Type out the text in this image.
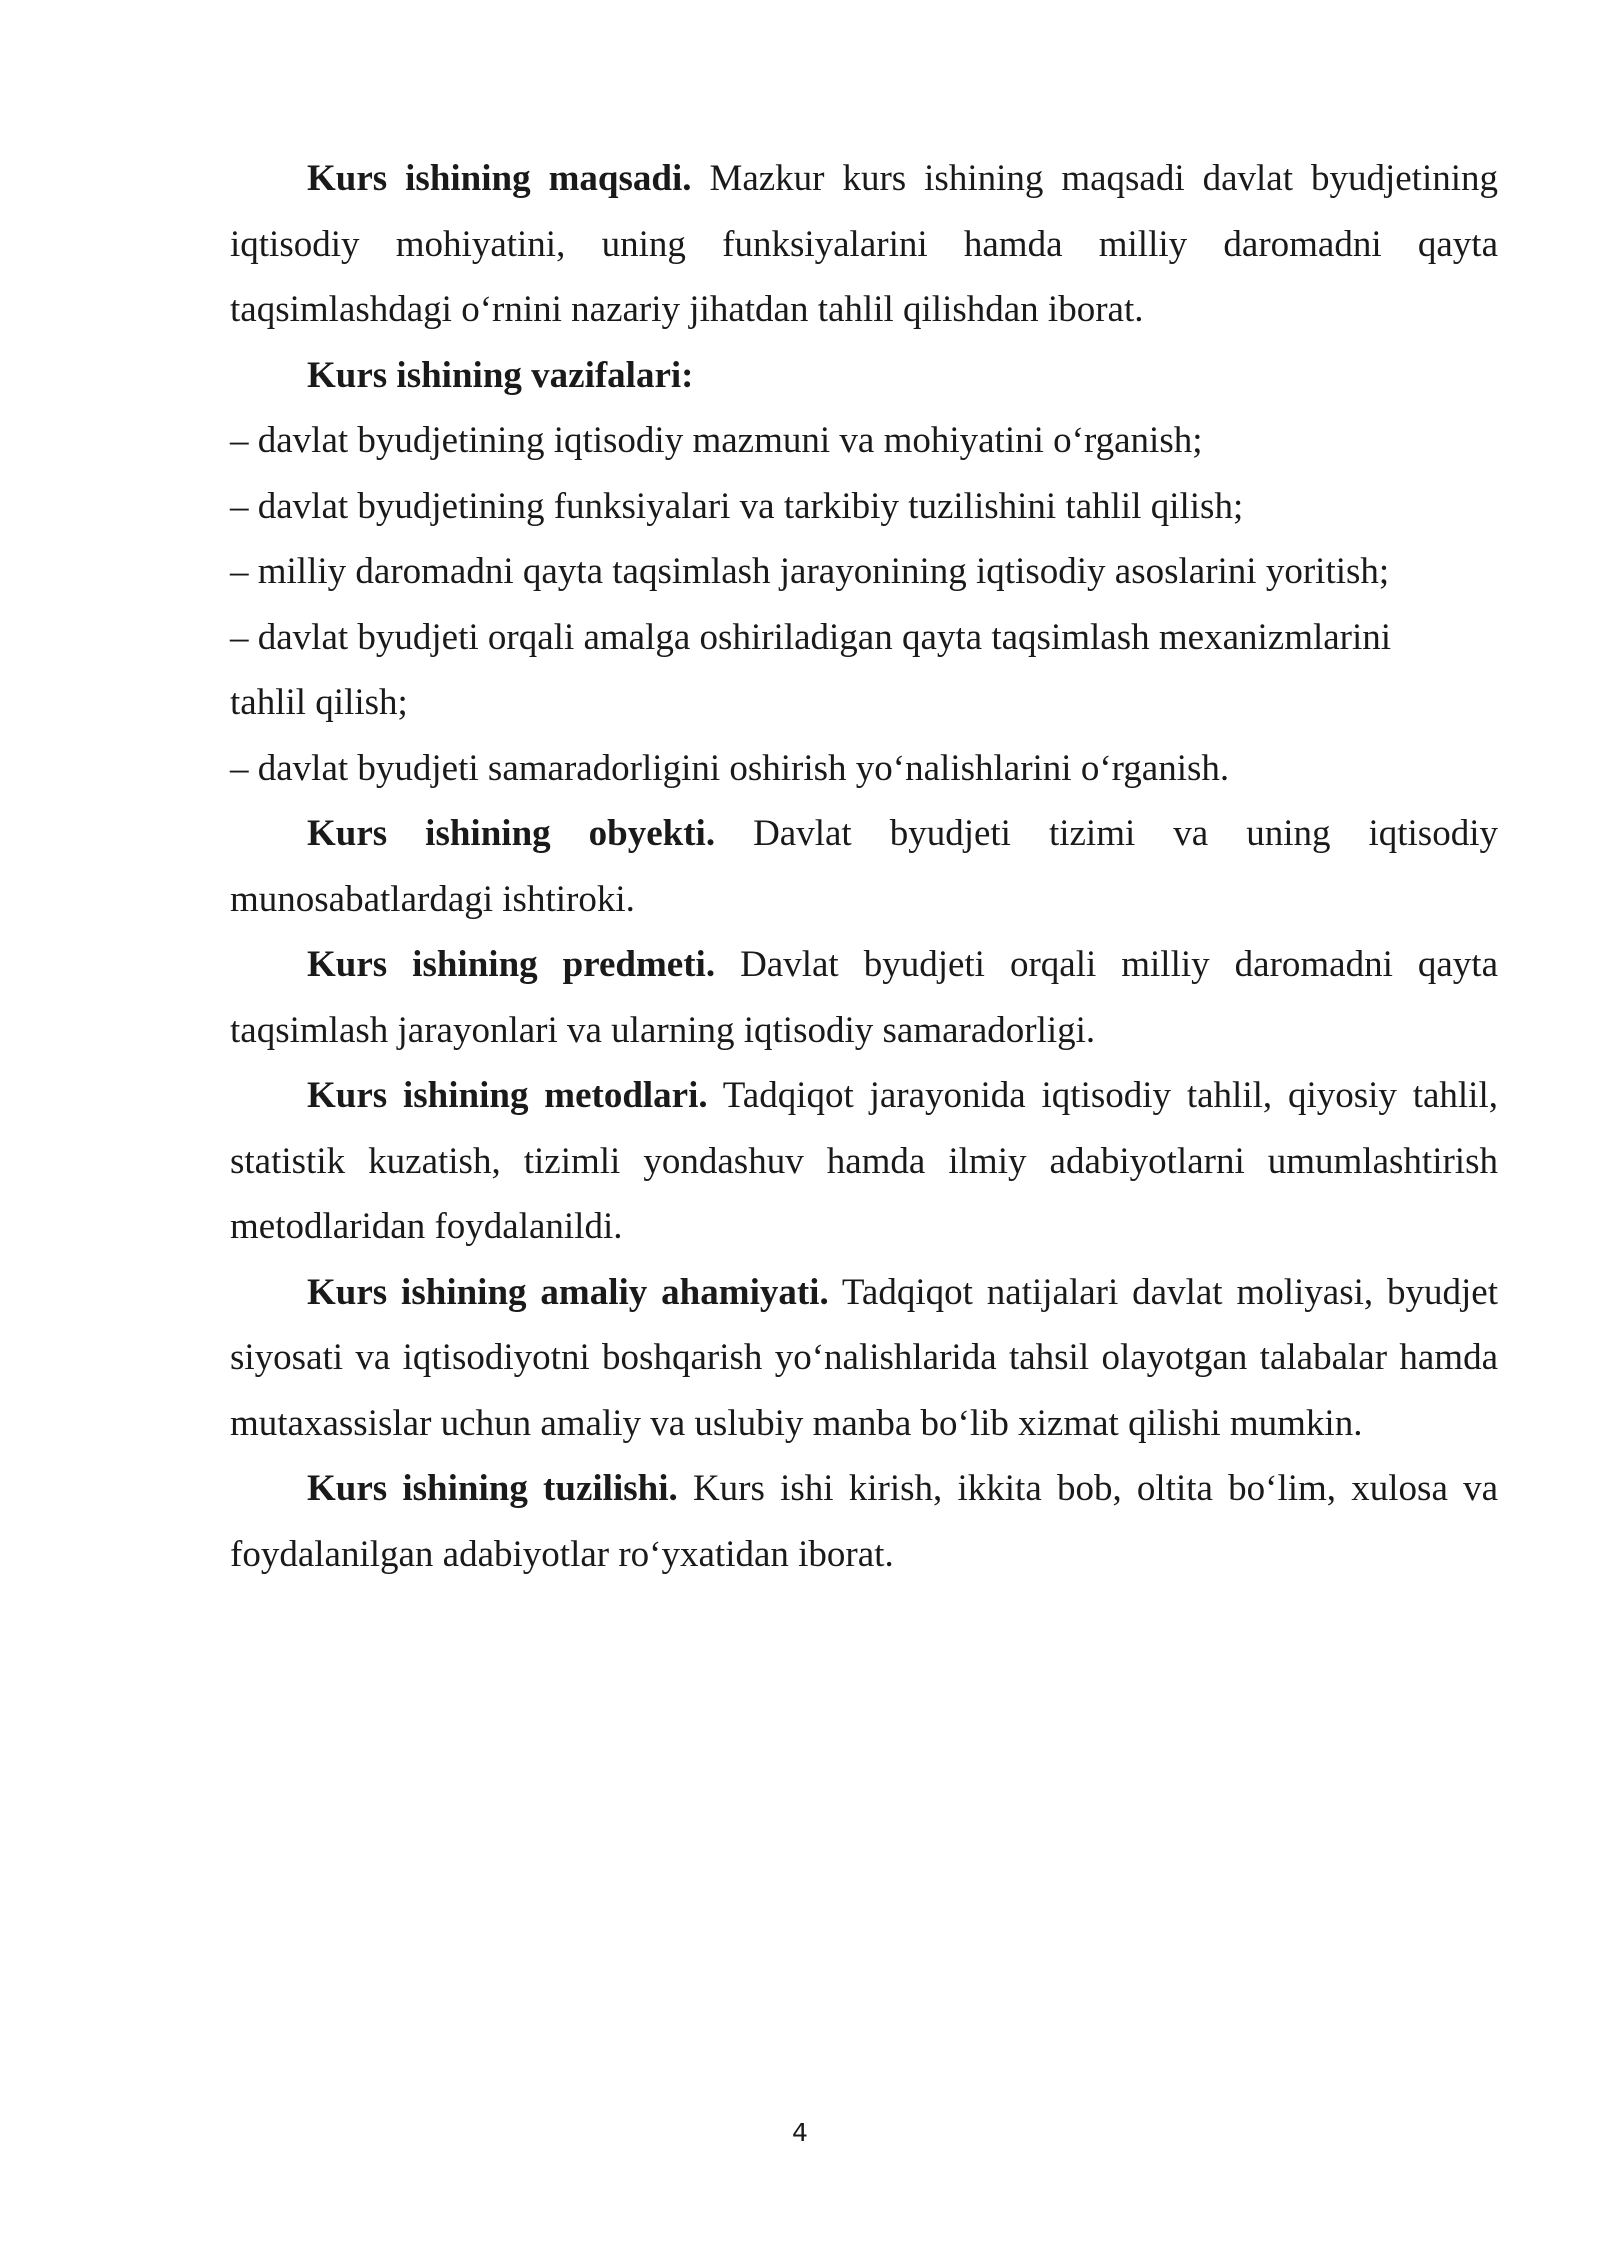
Kurs ishining maqsadi. Mazkur kurs ishining maqsadi davlat byudjetining iqtisodiy mohiyatini, uning funksiyalarini hamda milliy daromadni qayta taqsimlashdagi o‘rnini nazariy jihatdan tahlil qilishdan iborat.

Kurs ishining vazifalari:

– davlat byudjetining iqtisodiy mazmuni va mohiyatini o‘rganish;

– davlat byudjetining funksiyalari va tarkibiy tuzilishini tahlil qilish;

– milliy daromadni qayta taqsimlash jarayonining iqtisodiy asoslarini yoritish;

– davlat byudjeti orqali amalga oshiriladigan qayta taqsimlash mexanizmlarini tahlil qilish;

– davlat byudjeti samaradorligini oshirish yo‘nalishlarini o‘rganish.

Kurs ishining obyekti. Davlat byudjeti tizimi va uning iqtisodiy munosabatlardagi ishtiroki.

Kurs ishining predmeti. Davlat byudjeti orqali milliy daromadni qayta taqsimlash jarayonlari va ularning iqtisodiy samaradorligi.

Kurs ishining metodlari. Tadqiqot jarayonida iqtisodiy tahlil, qiyosiy tahlil, statistik kuzatish, tizimli yondashuv hamda ilmiy adabiyotlarni umumlashtirish metodlaridan foydalanildi.

Kurs ishining amaliy ahamiyati. Tadqiqot natijalari davlat moliyasi, byudjet siyosati va iqtisodiyotni boshqarish yo‘nalishlarida tahsil olayotgan talabalar hamda mutaxassislar uchun amaliy va uslubiy manba bo‘lib xizmat qilishi mumkin.

Kurs ishining tuzilishi. Kurs ishi kirish, ikkita bob, oltita bo‘lim, xulosa va foydalanilgan adabiyotlar ro‘yxatidan iborat.

4
